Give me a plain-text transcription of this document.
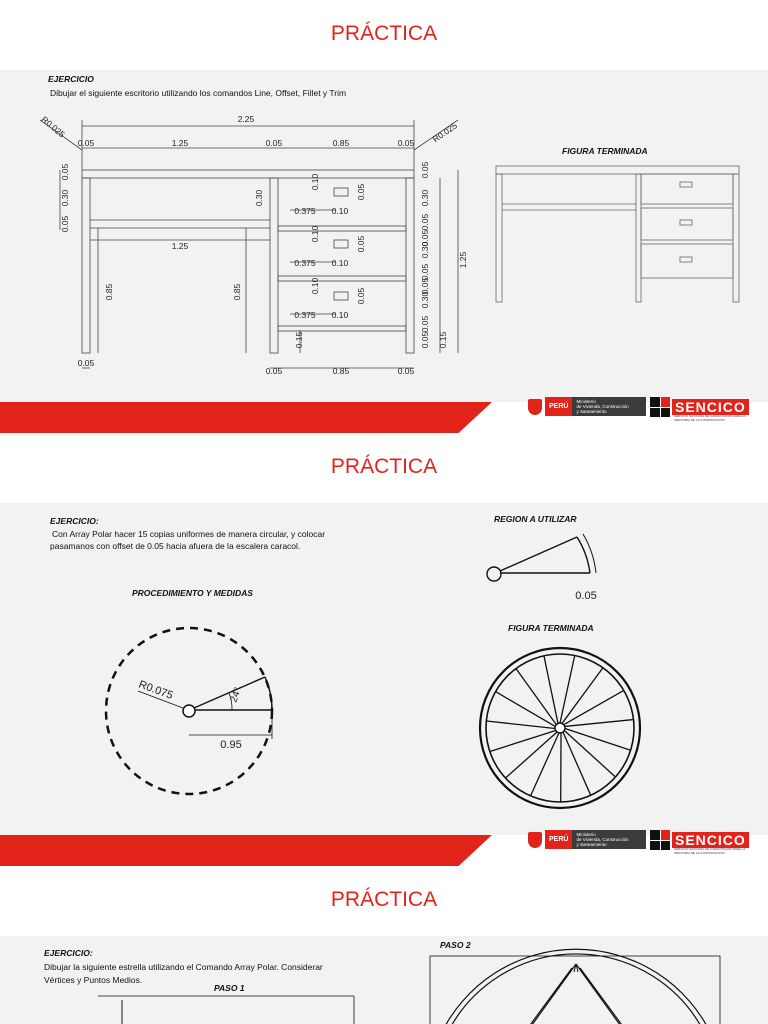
PRÁCTICA
EJERCICIO
Dibujar el siguiente escritorio utilizando los comandos Line, Offset, Fillet y Trim
2.25
R0.025	R0.025
0.05	1.25	0.05	0.85	0.05
1.25
0.375 0.10
0.375 0.10
0.375 0.10
0.05
0.05	0.85	0.05
0.85	0.85
0.30
0.05
0.30
0.05
0.05
0.05
0.05
0.10
0.10
0.10
0.05
0.30
0.05
0.05
0.30
0.05
0.05
0.30
0.05
0.05 0.15
1.25
0.15
FIGURA TERMINADA
PERÚ
Ministerio
de Vivienda, Construcción
y Saneamiento	SENCICO
SERVICIO NACIONAL DE CAPACITACIÓN PARA LA INDUSTRIA DE LA CONSTRUCCIÓN
PRÁCTICA
EJERCICIO:
Con Array Polar hacer 15 copias uniformes de manera circular, y colocar
pasamanos con offset de 0.05 hacia afuera de la escalera caracol.
REGION A UTILIZAR
PROCEDIMIENTO Y MEDIDAS
FIGURA TERMINADA
0.05
R0.075	24°
0.95
PERÚ
Ministerio
de Vivienda, Construcción
y Saneamiento	SENCICO
SERVICIO NACIONAL DE CAPACITACIÓN PARA LA INDUSTRIA DE LA CONSTRUCCIÓN
PRÁCTICA
EJERCICIO:
Dibujar la siguiente estrella utilizando el Comando Array Polar. Considerar
Vértices y Puntos Medios.
PASO 1
PASO 2
